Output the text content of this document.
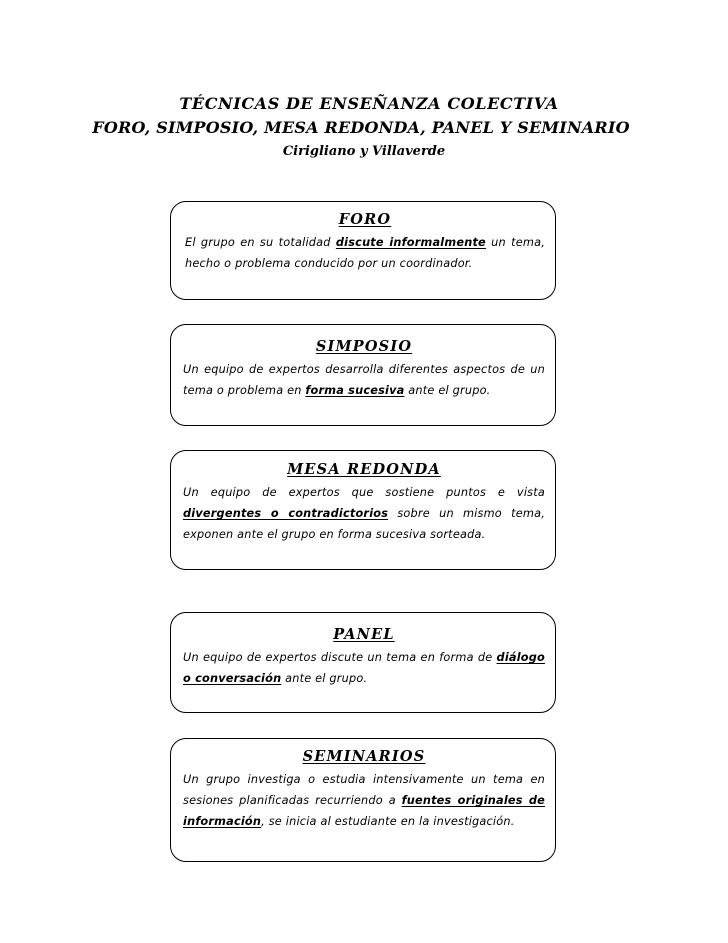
TÉCNICAS DE ENSEÑANZA COLECTIVA
FORO, SIMPOSIO, MESA REDONDA, PANEL Y SEMINARIO
Cirigliano y Villaverde
FORO
El grupo en su totalidad discute informalmente un tema, hecho o problema conducido por un coordinador.
SIMPOSIO
Un equipo de expertos desarrolla diferentes aspectos de un tema o problema en forma sucesiva ante el grupo.
MESA REDONDA
Un equipo de expertos que sostiene puntos e vista divergentes o contradictorios sobre un mismo tema, exponen ante el grupo en forma sucesiva sorteada.
PANEL
Un equipo de expertos discute un tema en forma de diálogo o conversación ante el grupo.
SEMINARIOS
Un grupo investiga o estudia intensivamente un tema en sesiones planificadas recurriendo a fuentes originales de información, se inicia al estudiante en la investigación.
